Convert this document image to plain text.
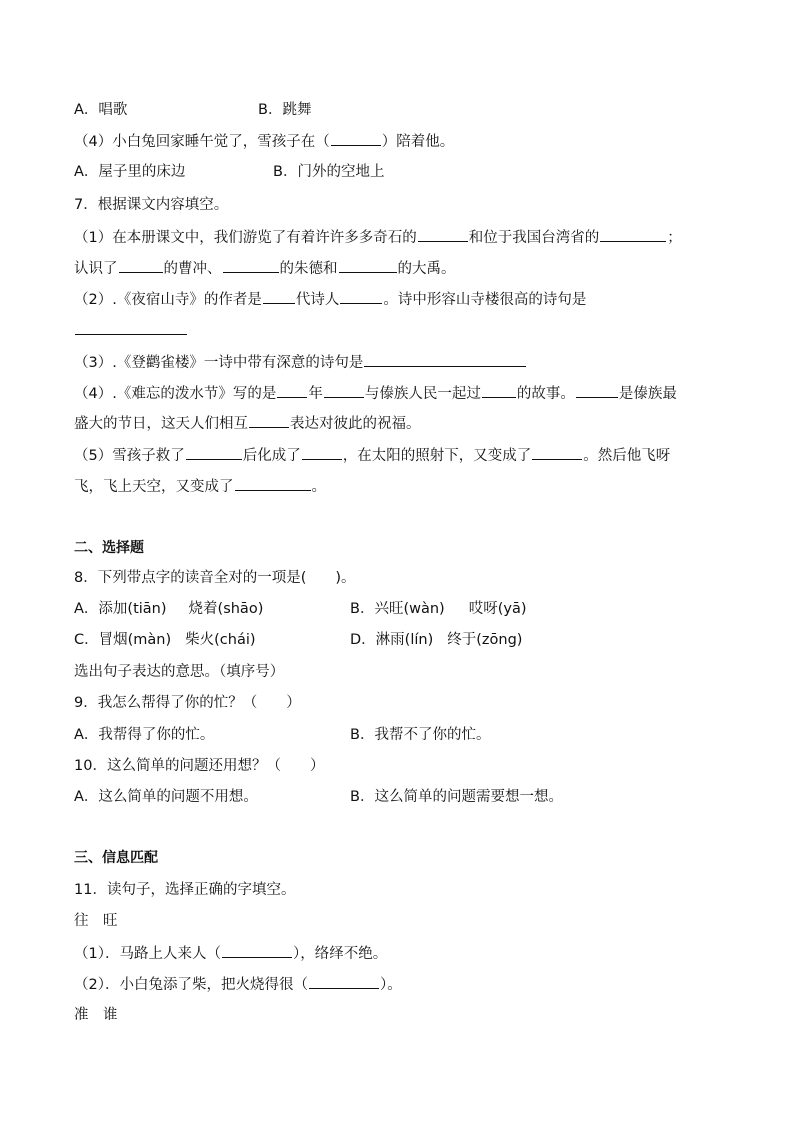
A．唱歌	B．跳舞
（4）小白兔回家睡午觉了，雪孩子在（	）陪着他。
A．屋子里的床边	B．门外的空地上
7．根据课文内容填空。
（1）在本册课文中，我们游览了有着许许多多奇石的	和位于我国台湾省的	；
认识了	的曹冲、	的朱德和	的大禹。
（2）.《夜宿山寺》的作者是 代诗人	。诗中形容山寺楼很高的诗句是
（3）.《登鹳雀楼》一诗中带有深意的诗句是
（4）.《难忘的泼水节》写的是 年	与傣族人民一起过 的故事。	是傣族最
盛大的节日，这天人们相互	表达对彼此的祝福。
（5）雪孩子救了	后化成了	，在太阳的照射下，又变成了	。然后他飞呀
飞，飞上天空，又变成了	。
二、选择题
8．下列带点字的读音全对的一项是(　　)。
A．添加(tiān) 烧着(shāo)	B．兴旺(wàn) 哎呀(yā)
C．冒烟(màn) 柴火(chái)	D．淋雨(lín) 终于(zōng)
选出句子表达的意思。（填序号）
9．我怎么帮得了你的忙？（　　）
A．我帮得了你的忙。	B．我帮不了你的忙。
10．这么简单的问题还用想？（　　）
A．这么简单的问题不用想。	B．这么简单的问题需要想一想。
三、信息匹配
11．读句子，选择正确的字填空。
往　旺
（1）．马路上人来人（	），络绎不绝。
（2）．小白兔添了柴，把火烧得很（	）。
准　谁
